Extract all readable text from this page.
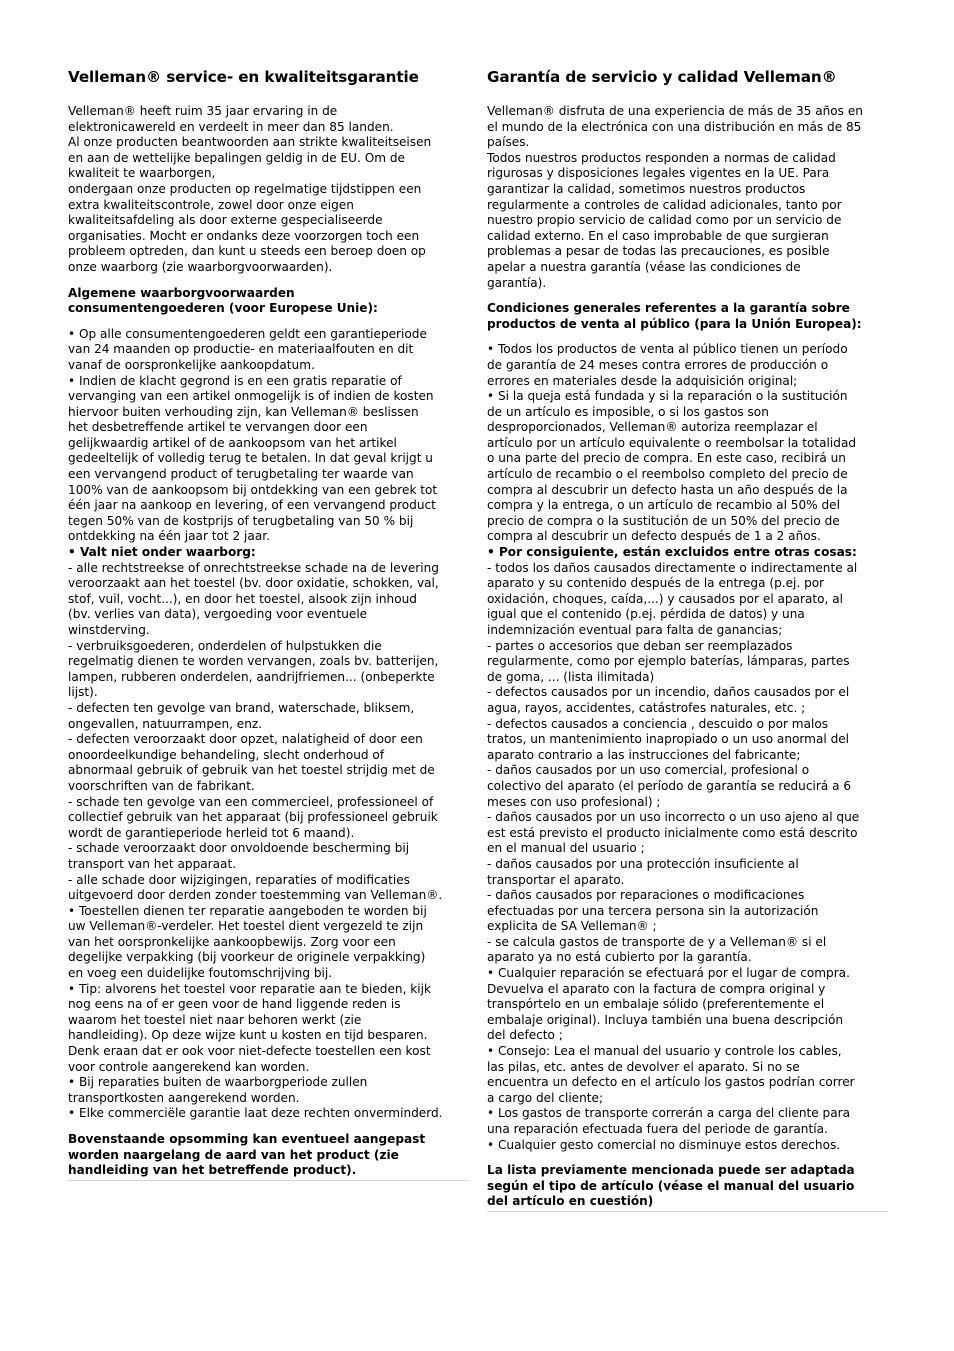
Velleman® service- en kwaliteitsgarantie

Velleman® heeft ruim 35 jaar ervaring in de
elektronicawereld en verdeelt in meer dan 85 landen.
Al onze producten beantwoorden aan strikte kwaliteitseisen
en aan de wettelijke bepalingen geldig in de EU. Om de
kwaliteit te waarborgen,
ondergaan onze producten op regelmatige tijdstippen een
extra kwaliteitscontrole, zowel door onze eigen
kwaliteitsafdeling als door externe gespecialiseerde
organisaties. Mocht er ondanks deze voorzorgen toch een
probleem optreden, dan kunt u steeds een beroep doen op
onze waarborg (zie waarborgvoorwaarden).

Algemene waarborgvoorwaarden
consumentengoederen (voor Europese Unie):

• Op alle consumentengoederen geldt een garantieperiode
van 24 maanden op productie- en materiaalfouten en dit
vanaf de oorspronkelijke aankoopdatum.
• Indien de klacht gegrond is en een gratis reparatie of
vervanging van een artikel onmogelijk is of indien de kosten
hiervoor buiten verhouding zijn, kan Velleman® beslissen
het desbetreffende artikel te vervangen door een
gelijkwaardig artikel of de aankoopsom van het artikel
gedeeltelijk of volledig terug te betalen. In dat geval krijgt u
een vervangend product of terugbetaling ter waarde van
100% van de aankoopsom bij ontdekking van een gebrek tot
één jaar na aankoop en levering, of een vervangend product
tegen 50% van de kostprijs of terugbetaling van 50 % bij
ontdekking na één jaar tot 2 jaar.
• Valt niet onder waarborg:
- alle rechtstreekse of onrechtstreekse schade na de levering
veroorzaakt aan het toestel (bv. door oxidatie, schokken, val,
stof, vuil, vocht...), en door het toestel, alsook zijn inhoud
(bv. verlies van data), vergoeding voor eventuele
winstderving.
- verbruiksgoederen, onderdelen of hulpstukken die
regelmatig dienen te worden vervangen, zoals bv. batterijen,
lampen, rubberen onderdelen, aandrijfriemen... (onbeperkte
lijst).
- defecten ten gevolge van brand, waterschade, bliksem,
ongevallen, natuurrampen, enz.
- defecten veroorzaakt door opzet, nalatigheid of door een
onoordeelkundige behandeling, slecht onderhoud of
abnormaal gebruik of gebruik van het toestel strijdig met de
voorschriften van de fabrikant.
- schade ten gevolge van een commercieel, professioneel of
collectief gebruik van het apparaat (bij professioneel gebruik
wordt de garantieperiode herleid tot 6 maand).
- schade veroorzaakt door onvoldoende bescherming bij
transport van het apparaat.
- alle schade door wijzigingen, reparaties of modificaties
uitgevoerd door derden zonder toestemming van Velleman®.
• Toestellen dienen ter reparatie aangeboden te worden bij
uw Velleman®-verdeler. Het toestel dient vergezeld te zijn
van het oorspronkelijke aankoopbewijs. Zorg voor een
degelijke verpakking (bij voorkeur de originele verpakking)
en voeg een duidelijke foutomschrijving bij.
• Tip: alvorens het toestel voor reparatie aan te bieden, kijk
nog eens na of er geen voor de hand liggende reden is
waarom het toestel niet naar behoren werkt (zie
handleiding). Op deze wijze kunt u kosten en tijd besparen.
Denk eraan dat er ook voor niet-defecte toestellen een kost
voor controle aangerekend kan worden.
• Bij reparaties buiten de waarborgperiode zullen
transportkosten aangerekend worden.
• Elke commerciële garantie laat deze rechten onverminderd.

Bovenstaande opsomming kan eventueel aangepast
worden naargelang de aard van het product (zie
handleiding van het betreffende product).

Garantía de servicio y calidad Velleman®

Velleman® disfruta de una experiencia de más de 35 años en
el mundo de la electrónica con una distribución en más de 85
países.
Todos nuestros productos responden a normas de calidad
rigurosas y disposiciones legales vigentes en la UE. Para
garantizar la calidad, sometimos nuestros productos
regularmente a controles de calidad adicionales, tanto por
nuestro propio servicio de calidad como por un servicio de
calidad externo. En el caso improbable de que surgieran
problemas a pesar de todas las precauciones, es posible
apelar a nuestra garantía (véase las condiciones de
garantía).

Condiciones generales referentes a la garantía sobre
productos de venta al público (para la Unión Europea):

• Todos los productos de venta al público tienen un período
de garantía de 24 meses contra errores de producción o
errores en materiales desde la adquisición original;
• Si la queja está fundada y si la reparación o la sustitución
de un artículo es imposible, o si los gastos son
desproporcionados, Velleman® autoriza reemplazar el
artículo por un artículo equivalente o reembolsar la totalidad
o una parte del precio de compra. En este caso, recibirá un
artículo de recambio o el reembolso completo del precio de
compra al descubrir un defecto hasta un año después de la
compra y la entrega, o un artículo de recambio al 50% del
precio de compra o la sustitución de un 50% del precio de
compra al descubrir un defecto después de 1 a 2 años.
• Por consiguiente, están excluidos entre otras cosas:
- todos los daños causados directamente o indirectamente al
aparato y su contenido después de la entrega (p.ej. por
oxidación, choques, caída,...) y causados por el aparato, al
igual que el contenido (p.ej. pérdida de datos) y una
indemnización eventual para falta de ganancias;
- partes o accesorios que deban ser reemplazados
regularmente, como por ejemplo baterías, lámparas, partes
de goma, ... (lista ilimitada)
- defectos causados por un incendio, daños causados por el
agua, rayos, accidentes, catástrofes naturales, etc. ;
- defectos causados a conciencia , descuido o por malos
tratos, un mantenimiento inapropiado o un uso anormal del
aparato contrario a las instrucciones del fabricante;
- daños causados por un uso comercial, profesional o
colectivo del aparato (el período de garantía se reducirá a 6
meses con uso profesional) ;
- daños causados por un uso incorrecto o un uso ajeno al que
est está previsto el producto inicialmente como está descrito
en el manual del usuario ;
- daños causados por una protección insuficiente al
transportar el aparato.
- daños causados por reparaciones o modificaciones
efectuadas por una tercera persona sin la autorización
explicita de SA Velleman® ;
- se calcula gastos de transporte de y a Velleman® si el
aparato ya no está cubierto por la garantía.
• Cualquier reparación se efectuará por el lugar de compra.
Devuelva el aparato con la factura de compra original y
transpórtelo en un embalaje sólido (preferentemente el
embalaje original). Incluya también una buena descripción
del defecto ;
• Consejo: Lea el manual del usuario y controle los cables,
las pilas, etc. antes de devolver el aparato. Si no se
encuentra un defecto en el artículo los gastos podrían correr
a cargo del cliente;
• Los gastos de transporte correrán a carga del cliente para
una reparación efectuada fuera del periode de garantía.
• Cualquier gesto comercial no disminuye estos derechos.

La lista previamente mencionada puede ser adaptada
según el tipo de artículo (véase el manual del usuario
del artículo en cuestión)
